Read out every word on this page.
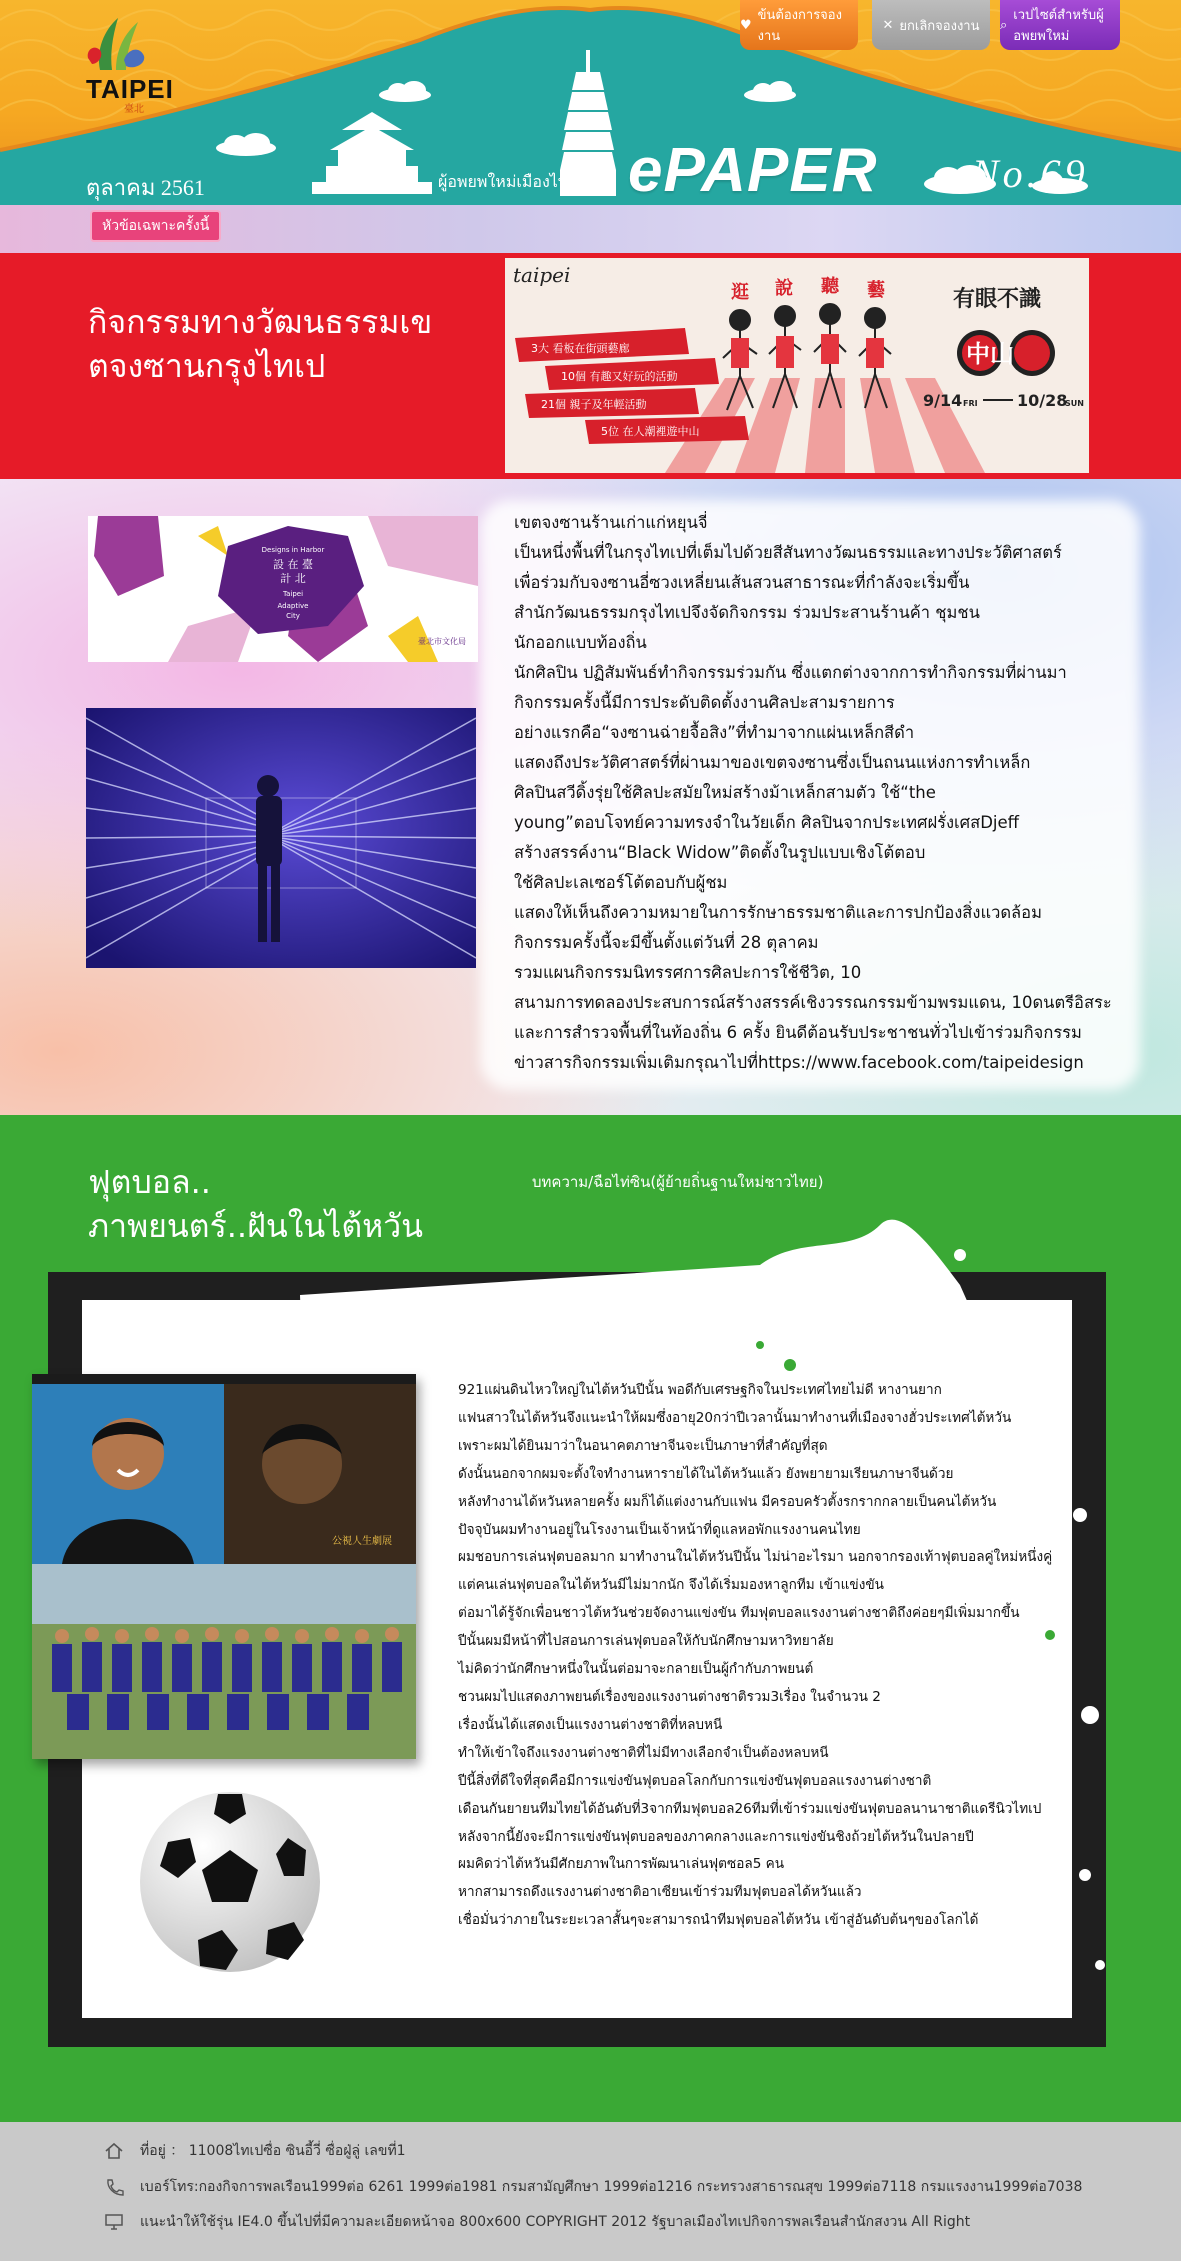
TAIPEI
臺北
♥
ข้นต้องการจองงาน
✕ ยกเลิกจองงาน ⌕
เวปไซต์สำหรับผู้อพยพใหม่
ตุลาคม 2561	ผู้อพยพใหม่เมืองไทเป ePAPER No.69
หัวข้อเฉพาะครั้งนี้
กิจกรรมทางวัฒนธรรมเข
ตจงซานกรุงไทเป	3大 看板在街頭藝廊
10個 有趣又好玩的活動
21個 親子及年輕活動
5位 在人潮裡遊中山
taipei
逛 說 聽 藝	有眼不識
中山
9/14 FRI 10/28
SUN
Designs in Harbor
設 在 臺
計 北
Taipei
Adaptive
City
臺北市文化局
เขตจงซานร้านเก่าแก่หยุนจี่
เป็นหนึ่งพื้นที่ในกรุงไทเปที่เต็มไปด้วยสีสันทางวัฒนธรรมและทางประวัติศาสตร์
เพื่อร่วมกับจงซานอี่ซวงเหลี่ยนเส้นสวนสาธารณะที่กำลังจะเริ่มขึ้น
สำนักวัฒนธรรมกรุงไทเปจึงจัดกิจกรรม ร่วมประสานร้านค้า ชุมชน
นักออกแบบท้องถิ่น
นักศิลปิน ปฏิสัมพันธ์ทำกิจกรรมร่วมกัน ซึ่งแตกต่างจากการทำกิจกรรมที่ผ่านมา
กิจกรรมครั้งนี้มีการประดับติดตั้งงานศิลปะสามรายการ
อย่างแรกคือ“จงซานฉ่ายจื้อสิง”ที่ทำมาจากแผ่นเหล็กสีดำ
แสดงถึงประวัติศาสตร์ที่ผ่านมาของเขตจงซานซึ่งเป็นถนนแห่งการทำเหล็ก
ศิลปินสวีดิ้งรุ่ยใช้ศิลปะสมัยใหม่สร้างม้าเหล็กสามตัว ใช้“the
young”ตอบโจทย์ความทรงจำในวัยเด็ก ศิลปินจากประเทศฝรั่งเศสDjeff
สร้างสรรค์งาน“Black Widow”ติดตั้งในรูปแบบเชิงโต้ตอบ
ใช้ศิลปะเลเซอร์โต้ตอบกับผู้ชม
แสดงให้เห็นถึงความหมายในการรักษาธรรมชาติและการปกป้องสิ่งแวดล้อม
กิจกรรมครั้งนี้จะมีขึ้นตั้งแต่วันที่ 28 ตุลาคม
รวมแผนกิจกรรมนิทรรศการศิลปะการใช้ชีวิต, 10
สนามการทดลองประสบการณ์สร้างสรรค์เชิงวรรณกรรมข้ามพรมแดน, 10ดนตรีอิสระ
และการสำรวจพื้นที่ในท้องถิ่น 6 ครั้ง ยินดีต้อนรับประชาชนทั่วไปเข้าร่วมกิจกรรม
ข่าวสารกิจกรรมเพิ่มเติมกรุณาไปที่https://www.facebook.com/taipeidesign
ฟุตบอล..
ภาพยนตร์..ฝันในไต้หวัน
บทความ/ฉือไท่ซิน(ผู้ย้ายถิ่นฐานใหม่ชาวไทย)
公視人生劇展
921แผ่นดินไหวใหญ่ในไต้หวันปีนั้น พอดีกับเศรษฐกิจในประเทศไทยไม่ดี หางานยาก
แฟนสาวในไต้หวันจึงแนะนำให้ผมซึ่งอายุ20กว่าปีเวลานั้นมาทำงานที่เมืองจางฮั่วประเทศไต้หวัน
เพราะผมได้ยินมาว่าในอนาคตภาษาจีนจะเป็นภาษาที่สำคัญที่สุด
ดังนั้นนอกจากผมจะตั้งใจทำงานหารายได้ในไต้หวันแล้ว ยังพยายามเรียนภาษาจีนด้วย
หลังทำงานได้หวันหลายครั้ง ผมก็ได้แต่งงานกับแฟน มีครอบครัวตั้งรกรากกลายเป็นคนไต้หวัน
ปัจจุบันผมทำงานอยู่ในโรงงานเป็นเจ้าหน้าที่ดูแลหอพักแรงงานคนไทย
ผมชอบการเล่นฟุตบอลมาก มาทำงานในไต้หวันปีนั้น ไม่น่าอะไรมา นอกจากรองเท้าฟุตบอลคู่ใหม่หนึ่งคู่
แต่คนเล่นฟุตบอลในไต้หวันมีไม่มากนัก จึงได้เริ่มมองหาลูกทีม เข้าแข่งขัน
ต่อมาได้รู้จักเพื่อนชาวไต้หวันช่วยจัดงานแข่งขัน ทีมฟุตบอลแรงงานต่างชาติถึงค่อยๆมีเพิ่มมากขึ้น
ปีนั้นผมมีหน้าที่ไปสอนการเล่นฟุตบอลให้กับนักศึกษามหาวิทยาลัย
ไม่คิดว่านักศึกษาหนึ่งในนั้นต่อมาจะกลายเป็นผู้กำกับภาพยนต์
ชวนผมไปแสดงภาพยนต์เรื่องของแรงงานต่างชาติรวม3เรื่อง ในจำนวน 2
เรื่องนั้นได้แสดงเป็นแรงงานต่างชาติที่หลบหนี
ทำให้เข้าใจถึงแรงงานต่างชาติที่ไม่มีทางเลือกจำเป็นต้องหลบหนี
ปีนี้สิ่งที่ดีใจที่สุดคือมีการแข่งขันฟุตบอลโลกกับการแข่งขันฟุตบอลแรงงานต่างชาติ
เดือนกันยายนทีมไทยได้อันดับที่3จากทีมฟุตบอล26ทีมที่เข้าร่วมแข่งขันฟุตบอลนานาชาติแดรีนิวไทเป
หลังจากนี้ยังจะมีการแข่งขันฟุตบอลของภาคกลางและการแข่งขันชิงถ้วยไต้หวันในปลายปี
ผมคิดว่าไต้หวันมีศักยภาพในการพัฒนาเล่นฟุตซอล5 คน
หากสามารถดึงแรงงานต่างชาติอาเซียนเข้าร่วมทีมฟุตบอลได้หวันแล้ว
เชื่อมั่นว่าภายในระยะเวลาสั้นๆจะสามารถนำทีมฟุตบอลไต้หวัน เข้าสู่อันดับต้นๆของโลกได้
ที่อยู่ ： 11008ไทเปซื่อ ซินอี้วี่ ซื่อฝู่ลู่ เลขที่1
เบอร์โทร:กองกิจการพลเรือน1999ต่อ 6261 1999ต่อ1981 กรมสามัญศึกษา 1999ต่อ1216 กระทรวงสาธารณสุข 1999ต่อ7118 กรมแรงงาน1999ต่อ7038
แนะนำให้ใช้รุ่น IE4.0 ขึ้นไปที่มีความละเอียดหน้าจอ 800x600 COPYRIGHT 2012 รัฐบาลเมืองไทเปกิจการพลเรือนสำนักสงวน All Right
